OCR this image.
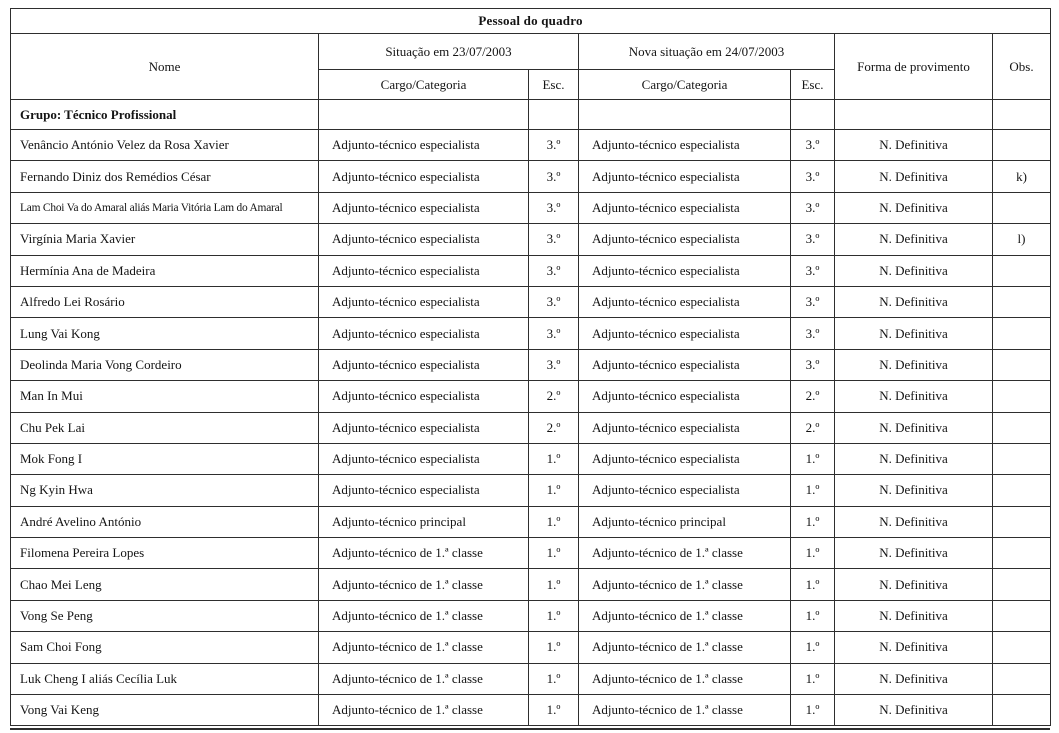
Pessoal do quadro						
Nome	Situação em 23/07/2003		Nova situação em 24/07/2003		Forma de provimento	Obs.
	Cargo/Categoria	Esc.	Cargo/Categoria	Esc.		
Grupo: Técnico Profissional						
Venâncio António Velez da Rosa Xavier	Adjunto-técnico especialista	3.º	Adjunto-técnico especialista	3.º	N. Definitiva	
Fernando Diniz dos Remédios César	Adjunto-técnico especialista	3.º	Adjunto-técnico especialista	3.º	N. Definitiva	k)
Lam Choi Va do Amaral aliás Maria Vitória Lam do Amaral	Adjunto-técnico especialista	3.º	Adjunto-técnico especialista	3.º	N. Definitiva	
Virgínia Maria Xavier	Adjunto-técnico especialista	3.º	Adjunto-técnico especialista	3.º	N. Definitiva	l)
Hermínia Ana de Madeira	Adjunto-técnico especialista	3.º	Adjunto-técnico especialista	3.º	N. Definitiva	
Alfredo Lei Rosário	Adjunto-técnico especialista	3.º	Adjunto-técnico especialista	3.º	N. Definitiva	
Lung Vai Kong	Adjunto-técnico especialista	3.º	Adjunto-técnico especialista	3.º	N. Definitiva	
Deolinda Maria Vong Cordeiro	Adjunto-técnico especialista	3.º	Adjunto-técnico especialista	3.º	N. Definitiva	
Man In Mui	Adjunto-técnico especialista	2.º	Adjunto-técnico especialista	2.º	N. Definitiva	
Chu Pek Lai	Adjunto-técnico especialista	2.º	Adjunto-técnico especialista	2.º	N. Definitiva	
Mok Fong I	Adjunto-técnico especialista	1.º	Adjunto-técnico especialista	1.º	N. Definitiva	
Ng Kyin Hwa	Adjunto-técnico especialista	1.º	Adjunto-técnico especialista	1.º	N. Definitiva	
André Avelino António	Adjunto-técnico principal	1.º	Adjunto-técnico principal	1.º	N. Definitiva	
Filomena Pereira Lopes	Adjunto-técnico de 1.ª classe	1.º	Adjunto-técnico de 1.ª classe	1.º	N. Definitiva	
Chao Mei Leng	Adjunto-técnico de 1.ª classe	1.º	Adjunto-técnico de 1.ª classe	1.º	N. Definitiva	
Vong Se Peng	Adjunto-técnico de 1.ª classe	1.º	Adjunto-técnico de 1.ª classe	1.º	N. Definitiva	
Sam Choi Fong	Adjunto-técnico de 1.ª classe	1.º	Adjunto-técnico de 1.ª classe	1.º	N. Definitiva	
Luk Cheng I aliás Cecília Luk	Adjunto-técnico de 1.ª classe	1.º	Adjunto-técnico de 1.ª classe	1.º	N. Definitiva	
Vong Vai Keng	Adjunto-técnico de 1.ª classe	1.º	Adjunto-técnico de 1.ª classe	1.º	N. Definitiva	
